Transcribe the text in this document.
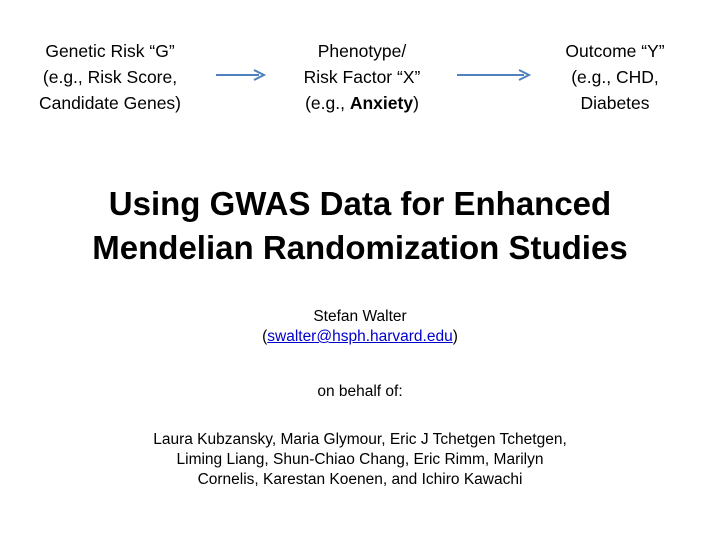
Genetic Risk “G”
(e.g., Risk Score,
Candidate Genes)
Phenotype/
Risk Factor “X”
(e.g., Anxiety)
Outcome “Y”
(e.g., CHD,
Diabetes
Using GWAS Data for Enhanced
Mendelian Randomization Studies
Stefan Walter
(swalter@hsph.harvard.edu)
on behalf of:
Laura Kubzansky, Maria Glymour, Eric J Tchetgen Tchetgen,
Liming Liang, Shun-Chiao Chang, Eric Rimm, Marilyn
Cornelis, Karestan Koenen, and Ichiro Kawachi
